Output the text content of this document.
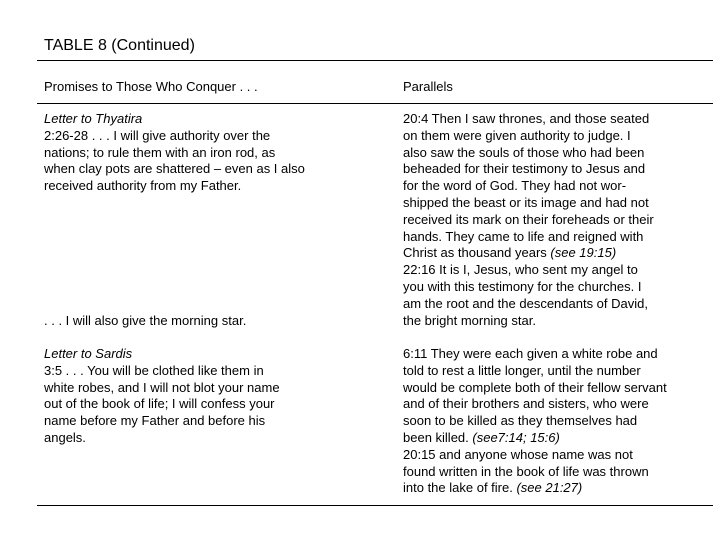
TABLE 8 (Continued)
Promises to Those Who Conquer . . .	Parallels
Letter to Thyatira
2:26-28 . . . I will give authority over the
nations; to rule them with an iron rod, as
when clay pots are shattered – even as I also
received authority from my Father.
. . . I will also give the morning star.
20:4 Then I saw thrones, and those seated
on them were given authority to judge. I
also saw the souls of those who had been
beheaded for their testimony to Jesus and
for the word of God. They had not wor-
shipped the beast or its image and had not
received its mark on their foreheads or their
hands. They came to life and reigned with
Christ as thousand years (see 19:15)
22:16 It is I, Jesus, who sent my angel to
you with this testimony for the churches. I
am the root and the descendants of David,
the bright morning star.
Letter to Sardis
3:5 . . . You will be clothed like them in
white robes, and I will not blot your name
out of the book of life; I will confess your
name before my Father and before his
angels.
6:11 They were each given a white robe and
told to rest a little longer, until the number
would be complete both of their fellow servant
and of their brothers and sisters, who were
soon to be killed as they themselves had
been killed. (see7:14; 15:6)
20:15 and anyone whose name was not
found written in the book of life was thrown
into the lake of fire. (see 21:27)
